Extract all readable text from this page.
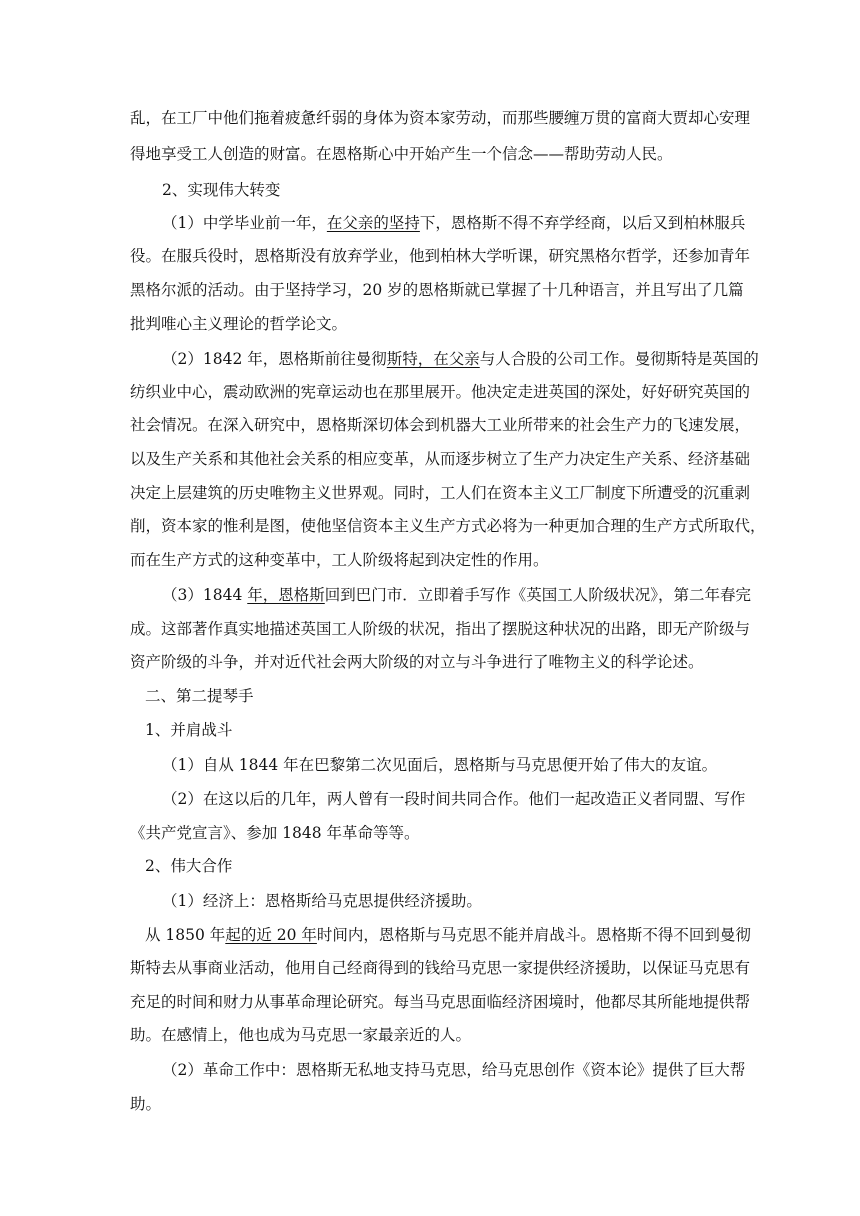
乱，在工厂中他们拖着疲惫纤弱的身体为资本家劳动，而那些腰缠万贯的富商大贾却心安理
得地享受工人创造的财富。在恩格斯心中开始产生一个信念——帮助劳动人民。
2、实现伟大转变
（1）中学毕业前一年，在父亲的坚持下，恩格斯不得不弃学经商，以后又到柏林服兵
役。在服兵役时，恩格斯没有放弃学业，他到柏林大学听课，研究黑格尔哲学，还参加青年
黑格尔派的活动。由于坚持学习，20 岁的恩格斯就已掌握了十几种语言，并且写出了几篇
批判唯心主义理论的哲学论文。
（2）1842 年，恩格斯前往曼彻斯特，在父亲与人合股的公司工作。曼彻斯特是英国的
纺织业中心，震动欧洲的宪章运动也在那里展开。他决定走进英国的深处，好好研究英国的
社会情况。在深入研究中，恩格斯深切体会到机器大工业所带来的社会生产力的飞速发展，
以及生产关系和其他社会关系的相应变革，从而逐步树立了生产力决定生产关系、经济基础
决定上层建筑的历史唯物主义世界观。同时，工人们在资本主义工厂制度下所遭受的沉重剥
削，资本家的惟利是图，使他坚信资本主义生产方式必将为一种更加合理的生产方式所取代，
而在生产方式的这种变革中，工人阶级将起到决定性的作用。
（3）1844 年，恩格斯回到巴门市．立即着手写作《英国工人阶级状况》，第二年春完
成。这部著作真实地描述英国工人阶级的状况，指出了摆脱这种状况的出路，即无产阶级与
资产阶级的斗争，并对近代社会两大阶级的对立与斗争进行了唯物主义的科学论述。
二、第二提琴手
1、并肩战斗
（1）自从 1844 年在巴黎第二次见面后，恩格斯与马克思便开始了伟大的友谊。
（2）在这以后的几年，两人曾有一段时间共同合作。他们一起改造正义者同盟、写作
《共产党宣言》、参加 1848 年革命等等。
2、伟大合作
（1）经济上：恩格斯给马克思提供经济援助。
从 1850 年起的近 20 年时间内，恩格斯与马克思不能并肩战斗。恩格斯不得不回到曼彻
斯特去从事商业活动，他用自己经商得到的钱给马克思一家提供经济援助，以保证马克思有
充足的时间和财力从事革命理论研究。每当马克思面临经济困境时，他都尽其所能地提供帮
助。在感情上，他也成为马克思一家最亲近的人。
（2）革命工作中：恩格斯无私地支持马克思，给马克思创作《资本论》提供了巨大帮
助。
